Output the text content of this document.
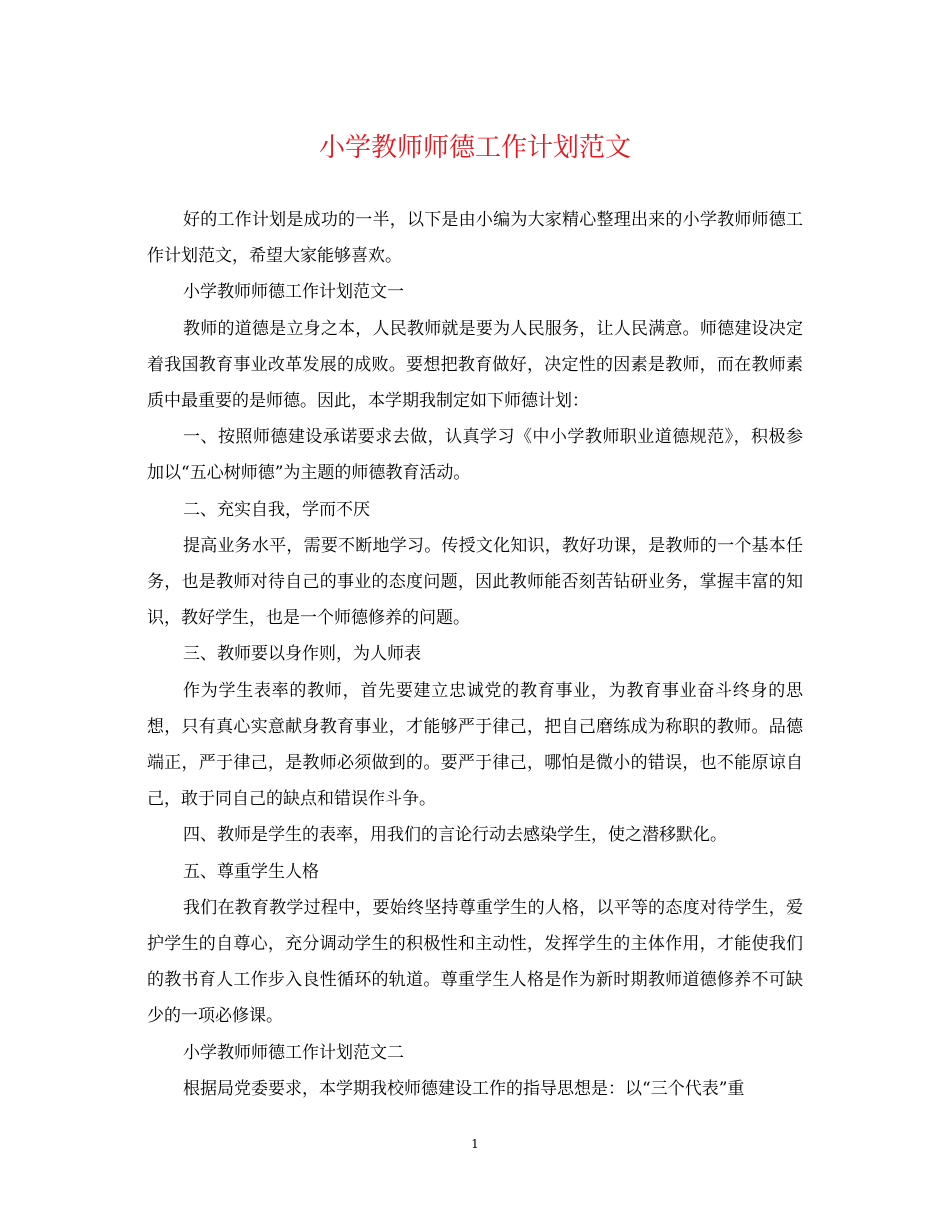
小学教师师德工作计划范文

好的工作计划是成功的一半，以下是由小编为大家精心整理出来的小学教师师德工作计划范文，希望大家能够喜欢。

小学教师师德工作计划范文一

教师的道德是立身之本，人民教师就是要为人民服务，让人民满意。师德建设决定着我国教育事业改革发展的成败。要想把教育做好，决定性的因素是教师，而在教师素质中最重要的是师德。因此，本学期我制定如下师德计划：

一、按照师德建设承诺要求去做，认真学习《中小学教师职业道德规范》，积极参加以“五心树师德”为主题的师德教育活动。

二、充实自我，学而不厌

提高业务水平，需要不断地学习。传授文化知识，教好功课，是教师的一个基本任务，也是教师对待自己的事业的态度问题，因此教师能否刻苦钻研业务，掌握丰富的知识，教好学生，也是一个师德修养的问题。

三、教师要以身作则，为人师表

作为学生表率的教师，首先要建立忠诚党的教育事业，为教育事业奋斗终身的思想，只有真心实意献身教育事业，才能够严于律己，把自己磨练成为称职的教师。品德端正，严于律己，是教师必须做到的。要严于律己，哪怕是微小的错误，也不能原谅自己，敢于同自己的缺点和错误作斗争。

四、教师是学生的表率，用我们的言论行动去感染学生，使之潜移默化。

五、尊重学生人格

我们在教育教学过程中，要始终坚持尊重学生的人格，以平等的态度对待学生，爱护学生的自尊心，充分调动学生的积极性和主动性，发挥学生的主体作用，才能使我们的教书育人工作步入良性循环的轨道。尊重学生人格是作为新时期教师道德修养不可缺少的一项必修课。

小学教师师德工作计划范文二

根据局党委要求，本学期我校师德建设工作的指导思想是：以“三个代表”重

1
